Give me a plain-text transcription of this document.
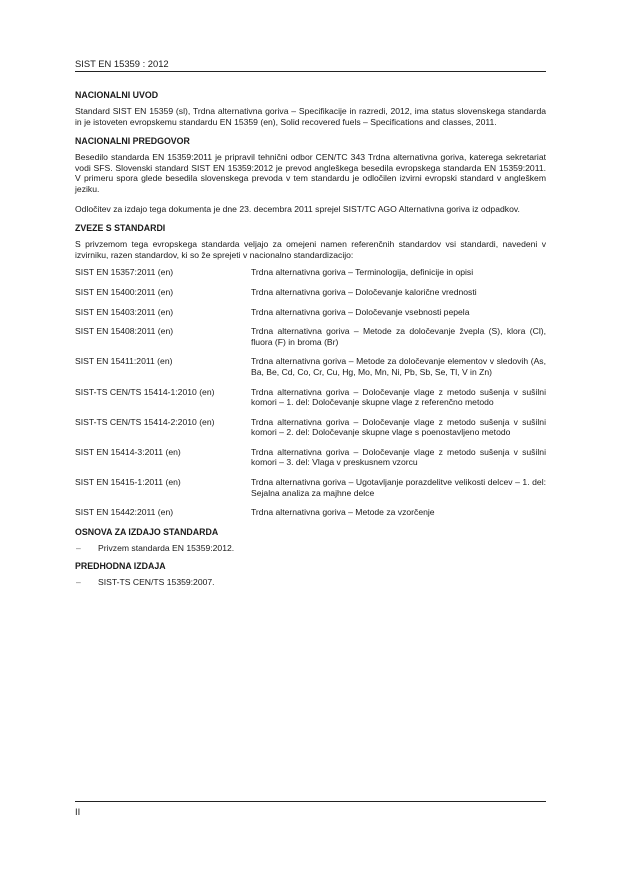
SIST EN 15359 : 2012
NACIONALNI UVOD

Standard SIST EN 15359 (sl), Trdna alternativna goriva – Specifikacije in razredi, 2012, ima status slovenskega standarda in je istoveten evropskemu standardu EN 15359 (en), Solid recovered fuels – Specifications and classes, 2011.

NACIONALNI PREDGOVOR

Besedilo standarda EN 15359:2011 je pripravil tehnični odbor CEN/TC 343 Trdna alternativna goriva, katerega sekretariat vodi SFS. Slovenski standard SIST EN 15359:2012 je prevod angleškega besedila evropskega standarda EN 15359:2011. V primeru spora glede besedila slovenskega prevoda v tem standardu je odločilen izvirni evropski standard v angleškem jeziku.

Odločitev za izdajo tega dokumenta je dne 23. decembra 2011 sprejel SIST/TC AGO Alternativna goriva iz odpadkov.

ZVEZE S STANDARDI

S privzemom tega evropskega standarda veljajo za omejeni namen referenčnih standardov vsi standardi, navedeni v izvirniku, razen standardov, ki so že sprejeti v nacionalno standardizacijo:

SIST EN 15357:2011 (en)	Trdna alternativna goriva – Terminologija, definicije in opisi
SIST EN 15400:2011 (en)	Trdna alternativna goriva – Določevanje kalorične vrednosti
SIST EN 15403:2011 (en)	Trdna alternativna goriva – Določevanje vsebnosti pepela
SIST EN 15408:2011 (en)	Trdna alternativna goriva – Metode za določevanje žvepla (S), klora (Cl), fluora (F) in broma (Br)
SIST EN 15411:2011 (en)	Trdna alternativna goriva – Metode za določevanje elementov v sledovih (As, Ba, Be, Cd, Co, Cr, Cu, Hg, Mo, Mn, Ni, Pb, Sb, Se, Tl, V in Zn)
SIST-TS CEN/TS 15414-1:2010 (en)	Trdna alternativna goriva – Določevanje vlage z metodo sušenja v sušilni komori – 1. del: Določevanje skupne vlage z referenčno metodo
SIST-TS CEN/TS 15414-2:2010 (en)	Trdna alternativna goriva – Določevanje vlage z metodo sušenja v sušilni komori – 2. del: Določevanje skupne vlage s poenostavljeno metodo
SIST EN 15414-3:2011 (en)	Trdna alternativna goriva – Določevanje vlage z metodo sušenja v sušilni komori – 3. del: Vlaga v preskusnem vzorcu
SIST EN 15415-1:2011 (en)	Trdna alternativna goriva – Ugotavljanje porazdelitve velikosti delcev – 1. del: Sejalna analiza za majhne delce
SIST EN 15442:2011 (en)	Trdna alternativna goriva – Metode za vzorčenje
OSNOVA ZA IZDAJO STANDARDA
–	Privzem standarda EN 15359:2012.
PREDHODNA IZDAJA
–	SIST-TS CEN/TS 15359:2007.
II
